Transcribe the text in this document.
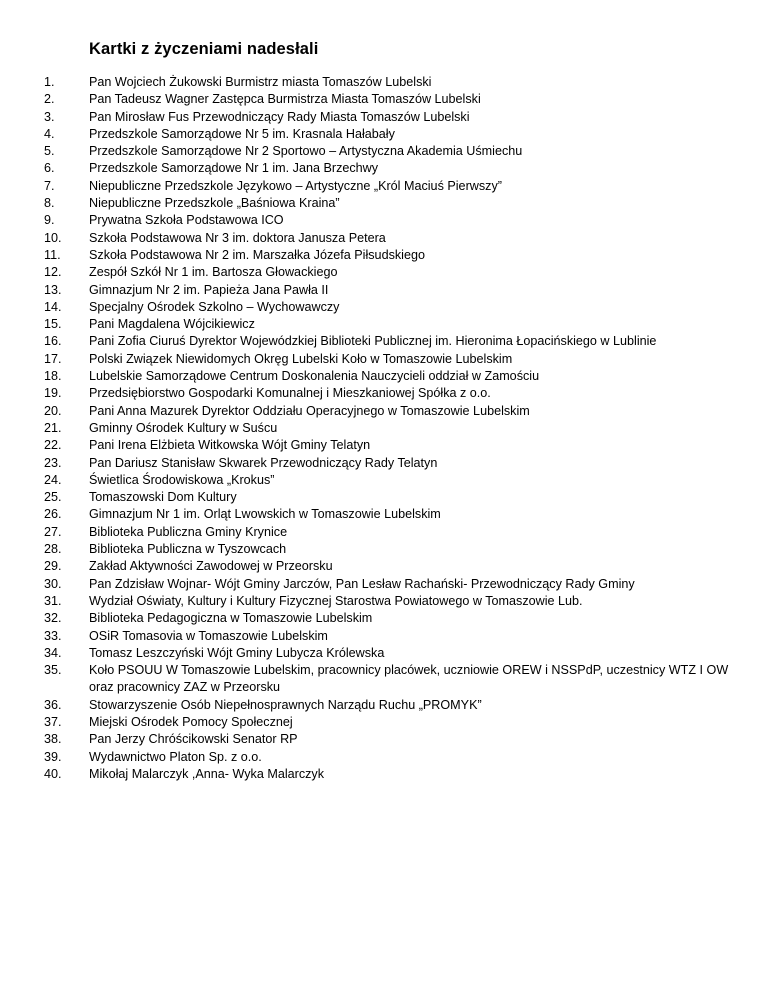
Kartki z życzeniami nadesłali
1.	Pan Wojciech Żukowski Burmistrz miasta Tomaszów Lubelski
2.	Pan Tadeusz Wagner Zastępca Burmistrza Miasta Tomaszów Lubelski
3.	Pan Mirosław Fus Przewodniczący Rady Miasta Tomaszów Lubelski
4.	Przedszkole Samorządowe Nr 5 im. Krasnala Hałabały
5.	Przedszkole Samorządowe Nr 2 Sportowo – Artystyczna Akademia Uśmiechu
6.	Przedszkole Samorządowe Nr 1 im. Jana Brzechwy
7.	Niepubliczne Przedszkole Językowo – Artystyczne „Król Maciuś Pierwszy”
8.	Niepubliczne Przedszkole „Baśniowa Kraina”
9.	Prywatna Szkoła Podstawowa ICO
10.	Szkoła Podstawowa Nr 3 im. doktora Janusza Petera
11.	Szkoła Podstawowa Nr 2 im. Marszałka Józefa Piłsudskiego
12.	Zespół Szkół Nr 1 im. Bartosza Głowackiego
13.	Gimnazjum Nr 2 im. Papieża Jana Pawła II
14.	Specjalny Ośrodek Szkolno – Wychowawczy
15.	Pani Magdalena Wójcikiewicz
16.	Pani Zofia Ciuruś Dyrektor Wojewódzkiej Biblioteki Publicznej im. Hieronima Łopacińskiego w Lublinie
17.	Polski Związek Niewidomych Okręg Lubelski Koło w Tomaszowie Lubelskim
18.	Lubelskie Samorządowe Centrum Doskonalenia Nauczycieli oddział w Zamościu
19.	Przedsiębiorstwo Gospodarki Komunalnej i Mieszkaniowej Spółka z o.o.
20.	Pani Anna Mazurek Dyrektor Oddziału Operacyjnego w Tomaszowie Lubelskim
21.	Gminny Ośrodek Kultury w Suścu
22.	Pani Irena Elżbieta Witkowska Wójt Gminy Telatyn
23.	Pan Dariusz Stanisław Skwarek Przewodniczący Rady Telatyn
24.	Świetlica Środowiskowa „Krokus”
25.	Tomaszowski Dom Kultury
26.	Gimnazjum Nr 1 im. Orląt Lwowskich w Tomaszowie Lubelskim
27.	Biblioteka Publiczna Gminy Krynice
28.	Biblioteka Publiczna w Tyszowcach
29.	Zakład Aktywności Zawodowej w Przeorsku
30.	Pan Zdzisław Wojnar- Wójt Gminy Jarczów, Pan Lesław Rachański- Przewodniczący Rady Gminy
31.	Wydział Oświaty, Kultury i Kultury Fizycznej Starostwa Powiatowego w Tomaszowie Lub.
32.	Biblioteka Pedagogiczna w Tomaszowie Lubelskim
33.	OSiR Tomasovia w Tomaszowie Lubelskim
34.	Tomasz Leszczyński Wójt Gminy Lubycza Królewska
35.	Koło PSOUU W Tomaszowie Lubelskim, pracownicy placówek, uczniowie OREW i NSSPdP, uczestnicy WTZ I OW oraz pracownicy ZAZ w Przeorsku
36.	Stowarzyszenie Osób Niepełnosprawnych Narządu Ruchu „PROMYK”
37.	Miejski Ośrodek Pomocy Społecznej
38.	Pan Jerzy Chróścikowski Senator RP
39.	Wydawnictwo Platon Sp. z o.o.
40.	Mikołaj Malarczyk ,Anna- Wyka Malarczyk
